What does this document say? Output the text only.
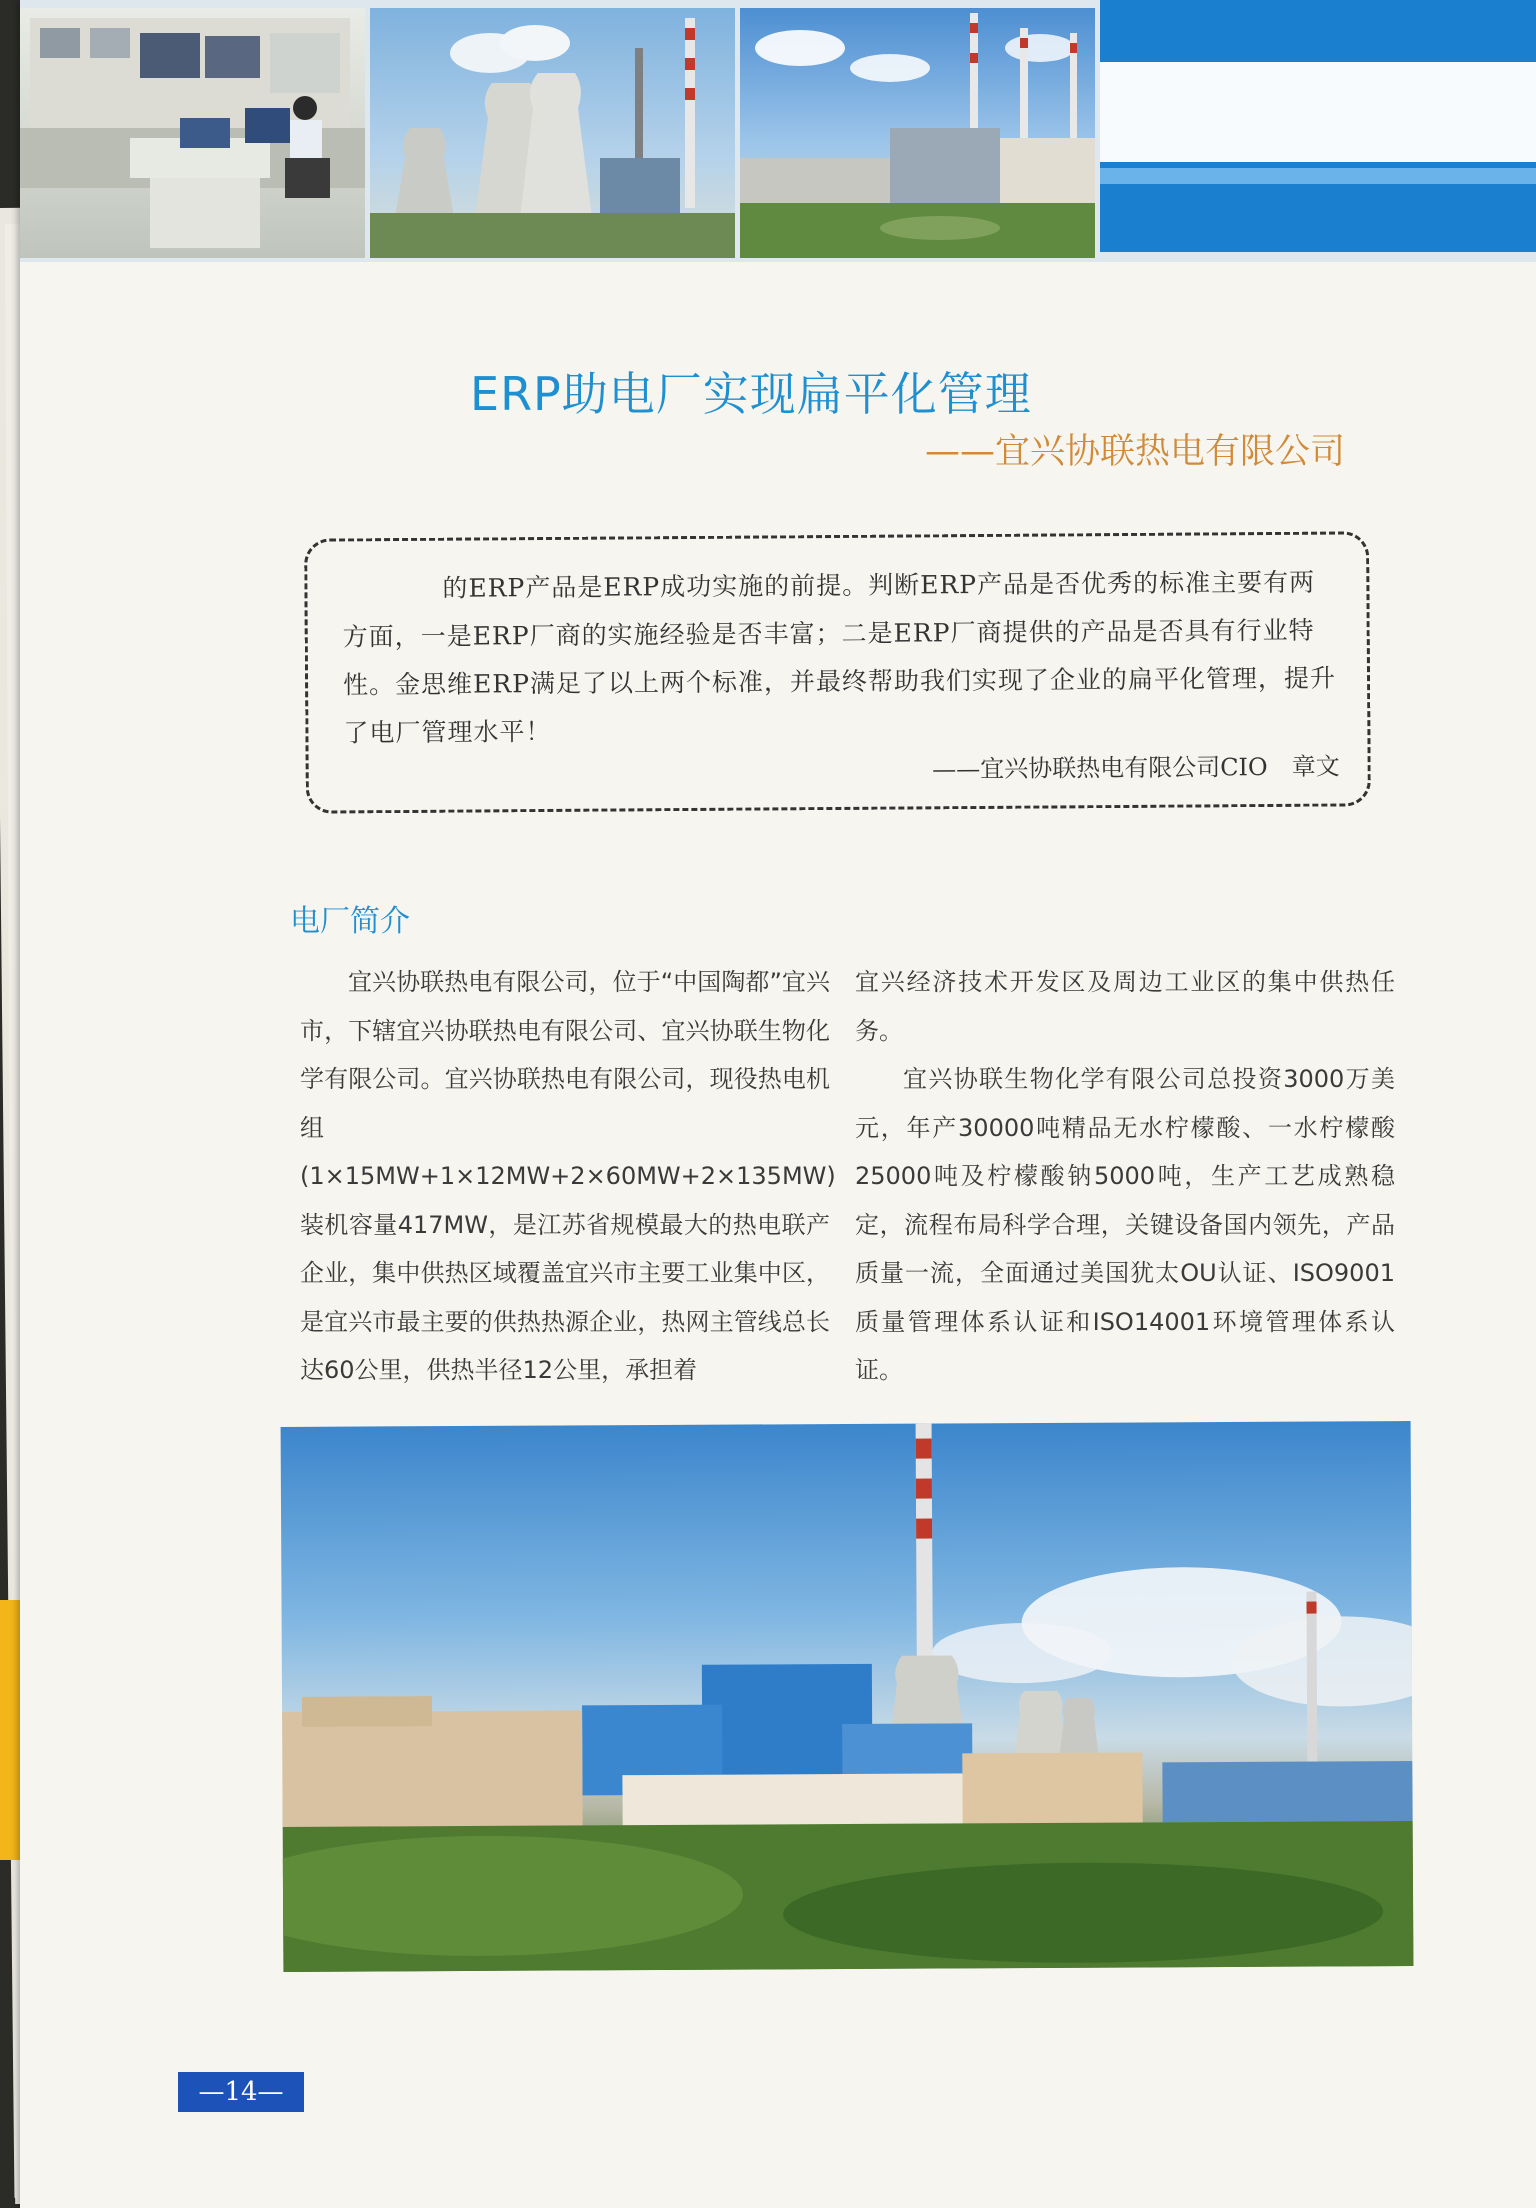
ERP助电厂实现扁平化管理
——宜兴协联热电有限公司

的ERP产品是ERP成功实施的前提。判断ERP产品是否优秀的标准主要有两方面，一是ERP厂商的实施经验是否丰富；二是ERP厂商提供的产品是否具有行业特性。金思维ERP满足了以上两个标准，并最终帮助我们实现了企业的扁平化管理，提升了电厂管理水平！

——宜兴协联热电有限公司CIO　章文
电厂简介

宜兴协联热电有限公司，位于“中国陶都”宜兴市，下辖宜兴协联热电有限公司、宜兴协联生物化学有限公司。宜兴协联热电有限公司，现役热电机组(1×15MW+1×12MW+2×60MW+2×135MW)装机容量417MW，是江苏省规模最大的热电联产企业，集中供热区域覆盖宜兴市主要工业集中区，是宜兴市最主要的供热热源企业，热网主管线总长达60公里，供热半径12公里，承担着

宜兴经济技术开发区及周边工业区的集中供热任务。

宜兴协联生物化学有限公司总投资3000万美元，年产30000吨精品无水柠檬酸、一水柠檬酸25000吨及柠檬酸钠5000吨，生产工艺成熟稳定，流程布局科学合理，关键设备国内领先，产品质量一流，全面通过美国犹太OU认证、ISO9001质量管理体系认证和ISO14001环境管理体系认证。

—14—
